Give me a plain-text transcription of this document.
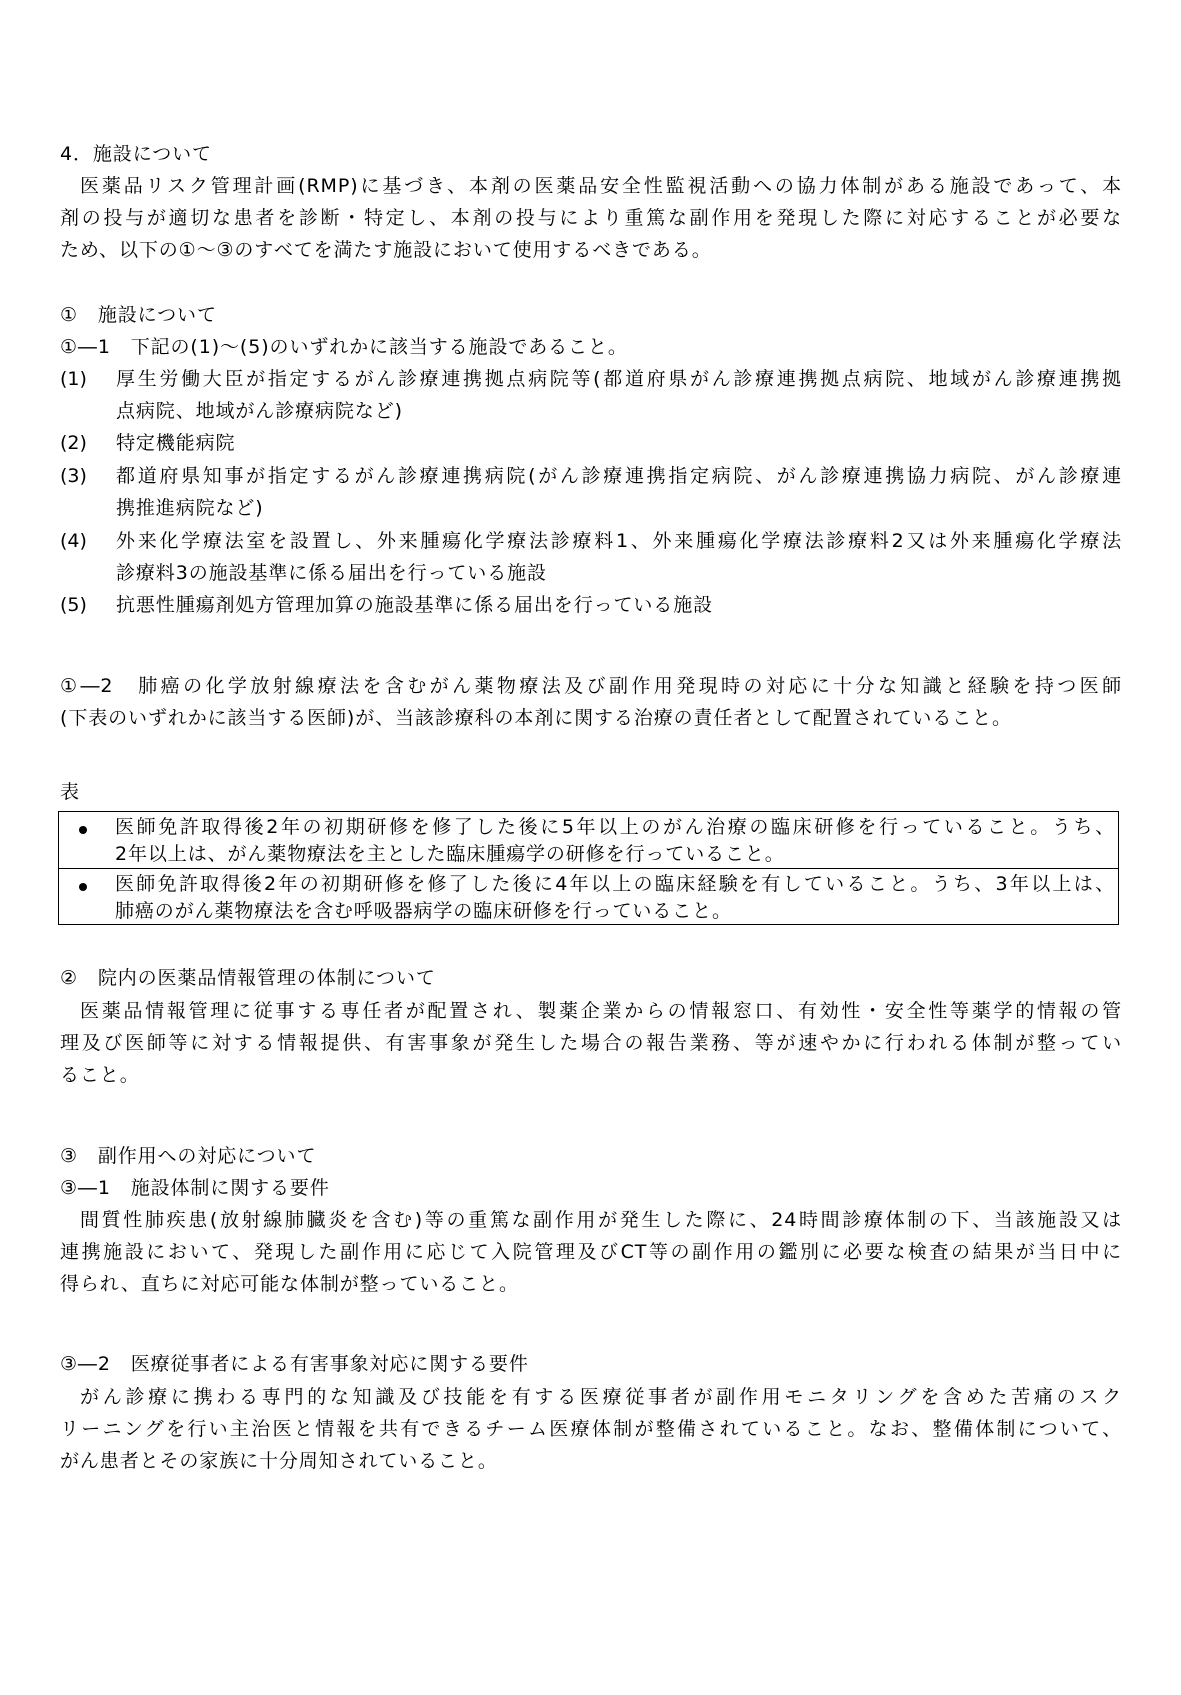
4．施設について
医薬品リスク管理計画(RMP)に基づき、本剤の医薬品安全性監視活動への協力体制がある施設であって、本
剤の投与が適切な患者を診断・特定し、本剤の投与により重篤な副作用を発現した際に対応することが必要な
ため、以下の①～③のすべてを満たす施設において使用するべきである。
①　施設について
①―1　下記の(1)～(5)のいずれかに該当する施設であること。
(1) 厚生労働大臣が指定するがん診療連携拠点病院等(都道府県がん診療連携拠点病院、地域がん診療連携拠
点病院、地域がん診療病院など)
(2) 特定機能病院
(3) 都道府県知事が指定するがん診療連携病院(がん診療連携指定病院、がん診療連携協力病院、がん診療連
携推進病院など)
(4) 外来化学療法室を設置し、外来腫瘍化学療法診療料1、外来腫瘍化学療法診療料2又は外来腫瘍化学療法
診療料3の施設基準に係る届出を行っている施設
(5) 抗悪性腫瘍剤処方管理加算の施設基準に係る届出を行っている施設
①―2　肺癌の化学放射線療法を含むがん薬物療法及び副作用発現時の対応に十分な知識と経験を持つ医師
(下表のいずれかに該当する医師)が、当該診療科の本剤に関する治療の責任者として配置されていること。
表
医師免許取得後2年の初期研修を修了した後に5年以上のがん治療の臨床研修を行っていること。うち、
2年以上は、がん薬物療法を主とした臨床腫瘍学の研修を行っていること。
医師免許取得後2年の初期研修を修了した後に4年以上の臨床経験を有していること。うち、3年以上は、
肺癌のがん薬物療法を含む呼吸器病学の臨床研修を行っていること。
②　院内の医薬品情報管理の体制について
医薬品情報管理に従事する専任者が配置され、製薬企業からの情報窓口、有効性・安全性等薬学的情報の管
理及び医師等に対する情報提供、有害事象が発生した場合の報告業務、等が速やかに行われる体制が整ってい
ること。
③　副作用への対応について
③―1　施設体制に関する要件
間質性肺疾患(放射線肺臓炎を含む)等の重篤な副作用が発生した際に、24時間診療体制の下、当該施設又は
連携施設において、発現した副作用に応じて入院管理及びCT等の副作用の鑑別に必要な検査の結果が当日中に
得られ、直ちに対応可能な体制が整っていること。
③―2　医療従事者による有害事象対応に関する要件
がん診療に携わる専門的な知識及び技能を有する医療従事者が副作用モニタリングを含めた苦痛のスク
リーニングを行い主治医と情報を共有できるチーム医療体制が整備されていること。なお、整備体制について、
がん患者とその家族に十分周知されていること。
